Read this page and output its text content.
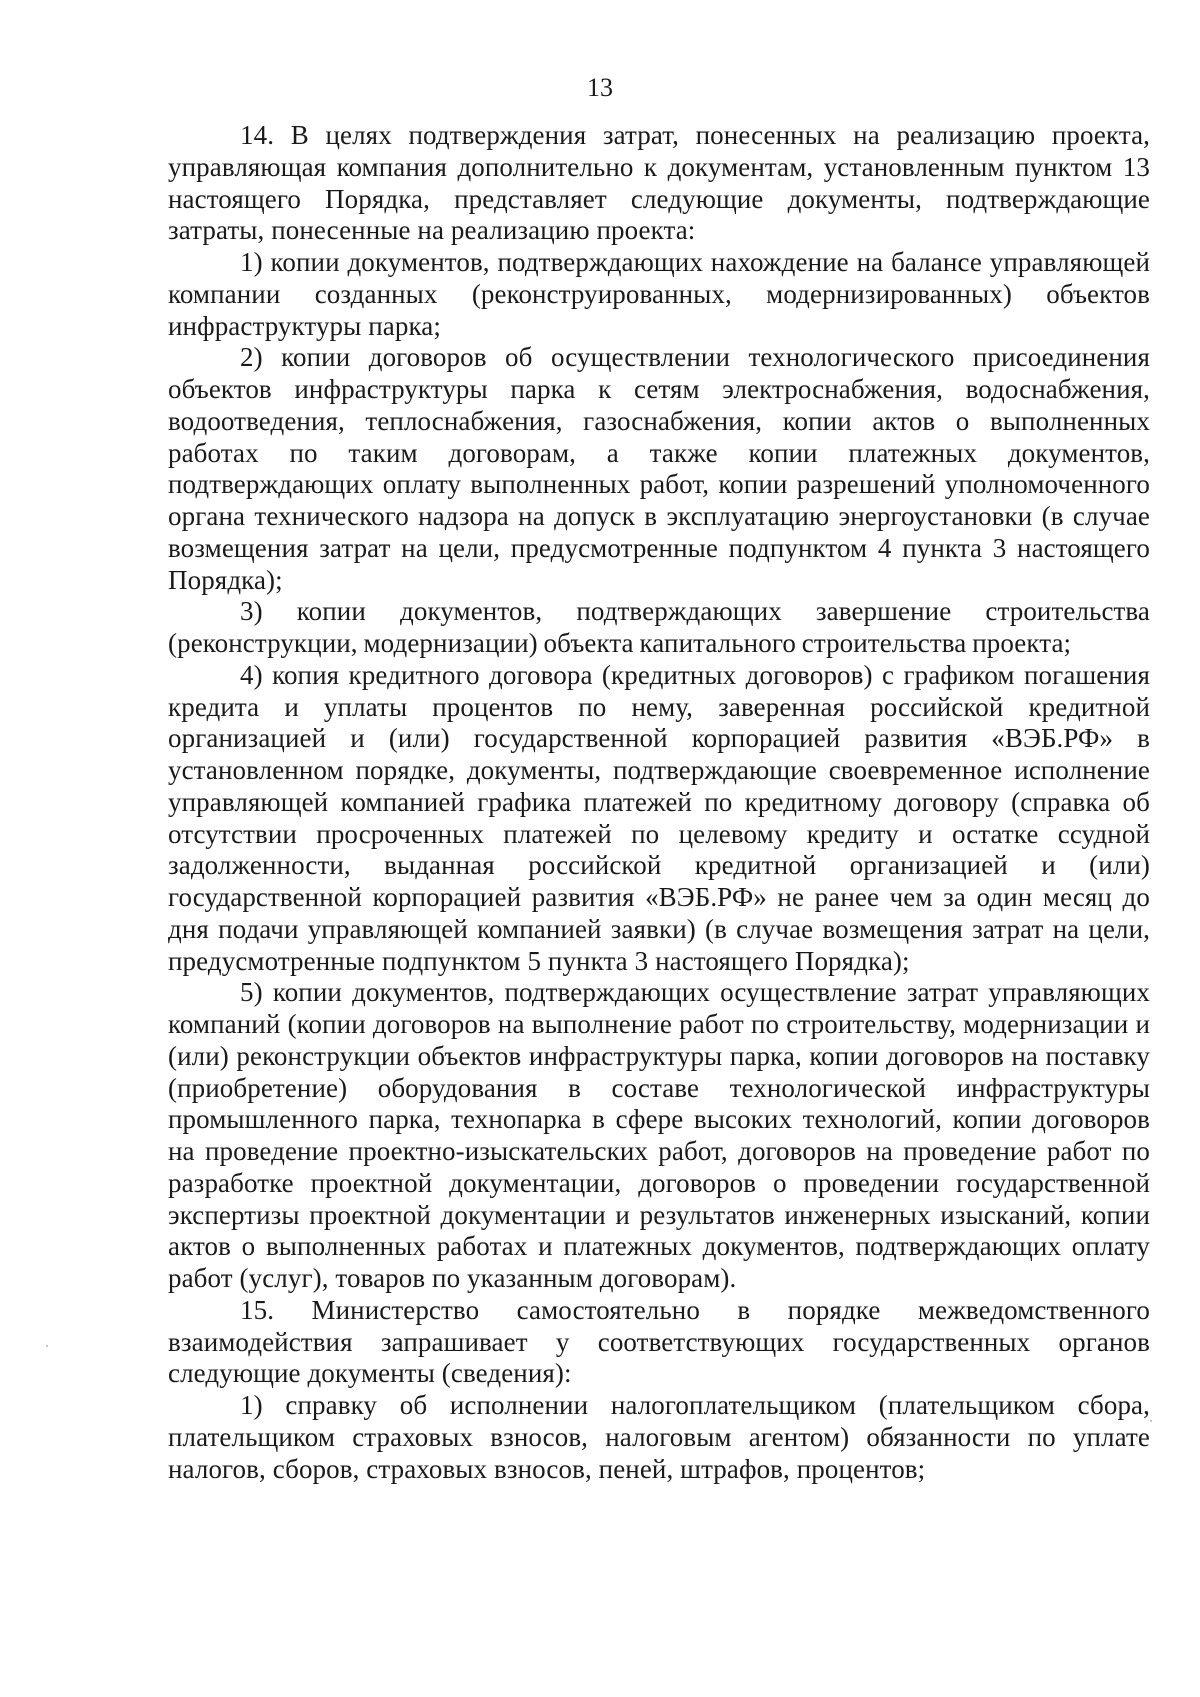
13

14. В целях подтверждения затрат, понесенных на реализацию проекта, управляющая компания дополнительно к документам, установленным пунктом 13 настоящего Порядка, представляет следующие документы, подтверждающие затраты, понесенные на реализацию проекта:

1) копии документов, подтверждающих нахождение на балансе управляющей компании созданных (реконструированных, модернизированных) объектов инфраструктуры парка;

2) копии договоров об осуществлении технологического присоединения объектов инфраструктуры парка к сетям электроснабжения, водоснабжения, водоотведения, теплоснабжения, газоснабжения, копии актов о выполненных работах по таким договорам, а также копии платежных документов, подтверждающих оплату выполненных работ, копии разрешений уполномоченного органа технического надзора на допуск в эксплуатацию энергоустановки (в случае возмещения затрат на цели, предусмотренные подпунктом 4 пункта 3 настоящего Порядка);

3) копии документов, подтверждающих завершение строительства (реконструкции, модернизации) объекта капитального строительства проекта;

4) копия кредитного договора (кредитных договоров) с графиком погашения кредита и уплаты процентов по нему, заверенная российской кредитной организацией и (или) государственной корпорацией развития «ВЭБ.РФ» в установленном порядке, документы, подтверждающие своевременное исполнение управляющей компанией графика платежей по кредитному договору (справка об отсутствии просроченных платежей по целевому кредиту и остатке ссудной задолженности, выданная российской кредитной организацией и (или) государственной корпорацией развития «ВЭБ.РФ» не ранее чем за один месяц до дня подачи управляющей компанией заявки) (в случае возмещения затрат на цели, предусмотренные подпунктом 5 пункта 3 настоящего Порядка);

5) копии документов, подтверждающих осуществление затрат управляющих компаний (копии договоров на выполнение работ по строительству, модернизации и (или) реконструкции объектов инфраструктуры парка, копии договоров на поставку (приобретение) оборудования в составе технологической инфраструктуры промышленного парка, технопарка в сфере высоких технологий, копии договоров на проведение проектно-изыскательских работ, договоров на проведение работ по разработке проектной документации, договоров о проведении государственной экспертизы проектной документации и результатов инженерных изысканий, копии актов о выполненных работах и платежных документов, подтверждающих оплату работ (услуг), товаров по указанным договорам).

15. Министерство самостоятельно в порядке межведомственного взаимодействия запрашивает у соответствующих государственных органов следующие документы (сведения):

1) справку об исполнении налогоплательщиком (плательщиком сбора, плательщиком страховых взносов, налоговым агентом) обязанности по уплате налогов, сборов, страховых взносов, пеней, штрафов, процентов;
